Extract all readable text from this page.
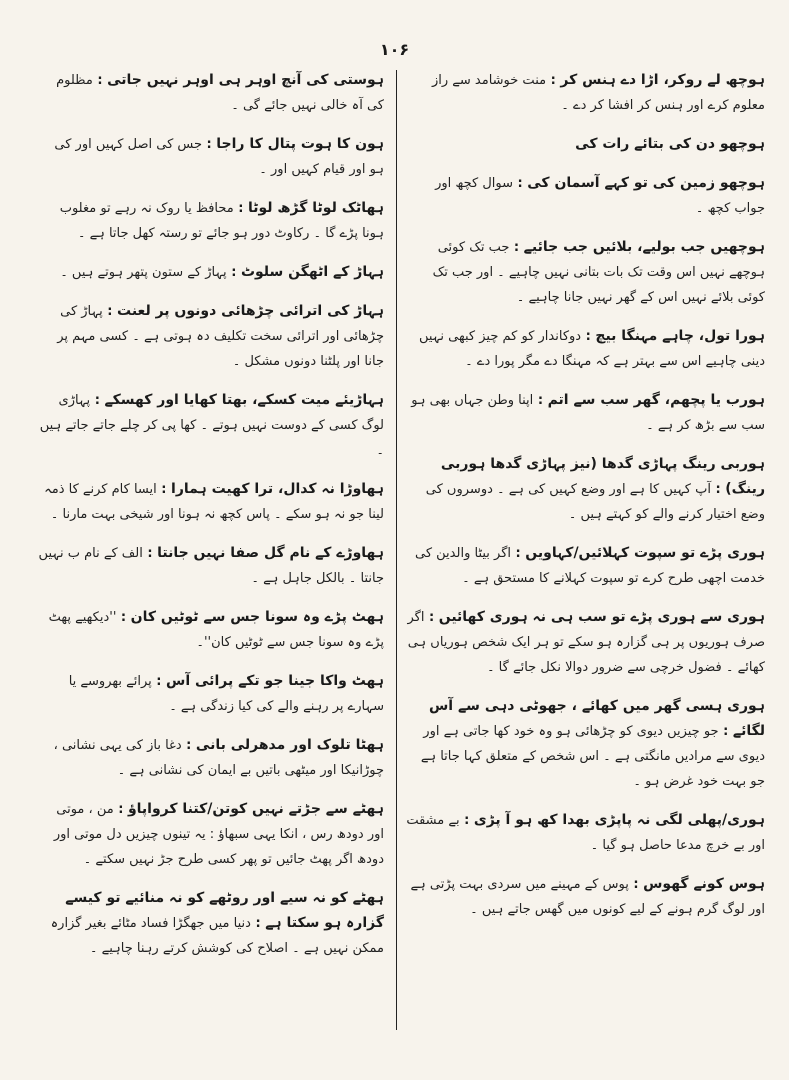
۱۰۶
ہوچھ لے روکر، اڑا دے ہنس کر : منت خوشامد سے راز معلوم کرے اور ہنس کر افشا کر دے ۔
ہوچھو دن کی بتائے رات کی
ہوچھو زمین کی تو کہے آسمان کی : سوال کچھ اور جواب کچھ ۔
ہوچھیں جب بولیے، بلائیں جب جائیے : جب تک کوئی ہوچھے نہیں اس وقت تک بات بتانی نہیں چاہیے ۔ اور جب تک کوئی بلائے نہیں اس کے گھر نہیں جانا چاہیے ۔
ہورا تول، چاہے مہنگا بیچ : دوکاندار کو کم چیز کبھی نہیں دینی چاہیے اس سے بہتر ہے کہ مہنگا دے مگر پورا دے ۔
ہورب یا پچھم، گھر سب سے اتم : اپنا وطن جہاں بھی ہو سب سے بڑھ کر ہے ۔
ہوربی رینگ پہاڑی گدھا (نیز پہاڑی گدھا ہوربی رینگ) : آپ کہیں کا ہے اور وضع کہیں کی ہے ۔ دوسروں کی وضع اختیار کرنے والے کو کہتے ہیں ۔
ہوری پڑے تو سپوت کہلائیں/کہاویں : اگر بیٹا والدین کی خدمت اچھی طرح کرے تو سپوت کہلانے کا مستحق ہے ۔
ہوری سے ہوری پڑے تو سب ہی نہ ہوری کھائیں : اگر صرف ہوریوں پر ہی گزارہ ہو سکے تو ہر ایک شخص ہوریاں ہی کھائے ۔ فضول خرچی سے ضرور دوالا نکل جائے گا ۔
ہوری ہسی گھر میں کھائے ، جھوٹی دہی سے آس لگائے : جو چیزیں دیوی کو چڑھائی ہو وہ خود کھا جاتی ہے اور دیوی سے مرادیں مانگتی ہے ۔ اس شخص کے متعلق کہا جاتا ہے جو بہت خود غرض ہو ۔
ہوری/پھلی لگی نہ پاپڑی بھدا کھ ہو آ پڑی : بے مشقت اور بے خرچ مدعا حاصل ہو گیا ۔
ہوس کونے گھوس : پوس کے مہینے میں سردی بہت پڑتی ہے اور لوگ گرم ہونے کے لیے کونوں میں گھس جاتے ہیں ۔
ہوستی کی آنچ اوہر ہی اوہر نہیں جاتی : مظلوم کی آہ خالی نہیں جائے گی ۔
ہون کا ہوت پتال کا راجا : جس کی اصل کہیں اور کی ہو اور قیام کہیں اور ۔
ہھاٹک لوٹا گڑھ لوٹا : محافظ یا روک نہ رہے تو مغلوب ہونا پڑے گا ۔ رکاوٹ دور ہو جائے تو رستہ کھل جاتا ہے ۔
ہہاڑ کے اٹھگن سلوٹ : پہاڑ کے ستون پتھر ہوتے ہیں ۔
ہہاڑ کی اترائی چڑھائی دونوں پر لعنت : پہاڑ کی چڑھائی اور اترائی سخت تکلیف دہ ہوتی ہے ۔ کسی مہم پر جانا اور پلٹنا دونوں مشکل ۔
ہہاڑیئے میت کسکے، بھتا کھایا اور کھسکے : پہاڑی لوگ کسی کے دوست نہیں ہوتے ۔ کھا پی کر چلے جاتے جاتے ہیں ۔
ہھاوڑا نہ کدال، ترا کھیت ہمارا : ایسا کام کرنے کا ذمہ لینا جو نہ ہو سکے ۔ پاس کچھ نہ ہونا اور شیخی بہت مارنا ۔
ہھاوڑے کے نام گل صفا نہیں جانتا : الف کے نام ب نہیں جانتا ۔ بالکل جاہل ہے ۔
ہھٹ پڑے وہ سونا جس سے ٹوٹیں کان : ''دیکھیے پھٹ پڑے وہ سونا جس سے ٹوٹیں کان''۔
ہھٹ واکا جینا جو تکے پرائی آس : پرائے بھروسے یا سہارے پر رہنے والے کی کیا زندگی ہے ۔
ہھٹا تلوک اور مدھرلی بانی : دغا باز کی یہی نشانی ، چوڑانیکا اور میٹھی باتیں بے ایمان کی نشانی ہے ۔
ہھٹے سے جڑتے نہیں کوتن/کتنا کرواپاؤ : من ، موتی اور دودھ رس ، انکا یہی سبھاؤ : یہ تینوں چیزیں دل موتی اور دودھ اگر پھٹ جائیں تو پھر کسی طرح جڑ نہیں سکتے ۔
ہھٹے کو نہ سیے اور روٹھے کو نہ منائیے تو کیسے گزارہ ہو سکتا ہے : دنیا میں جھگڑا فساد مٹائے بغیر گزارہ ممکن نہیں ہے ۔ اصلاح کی کوشش کرتے رہنا چاہیے ۔
